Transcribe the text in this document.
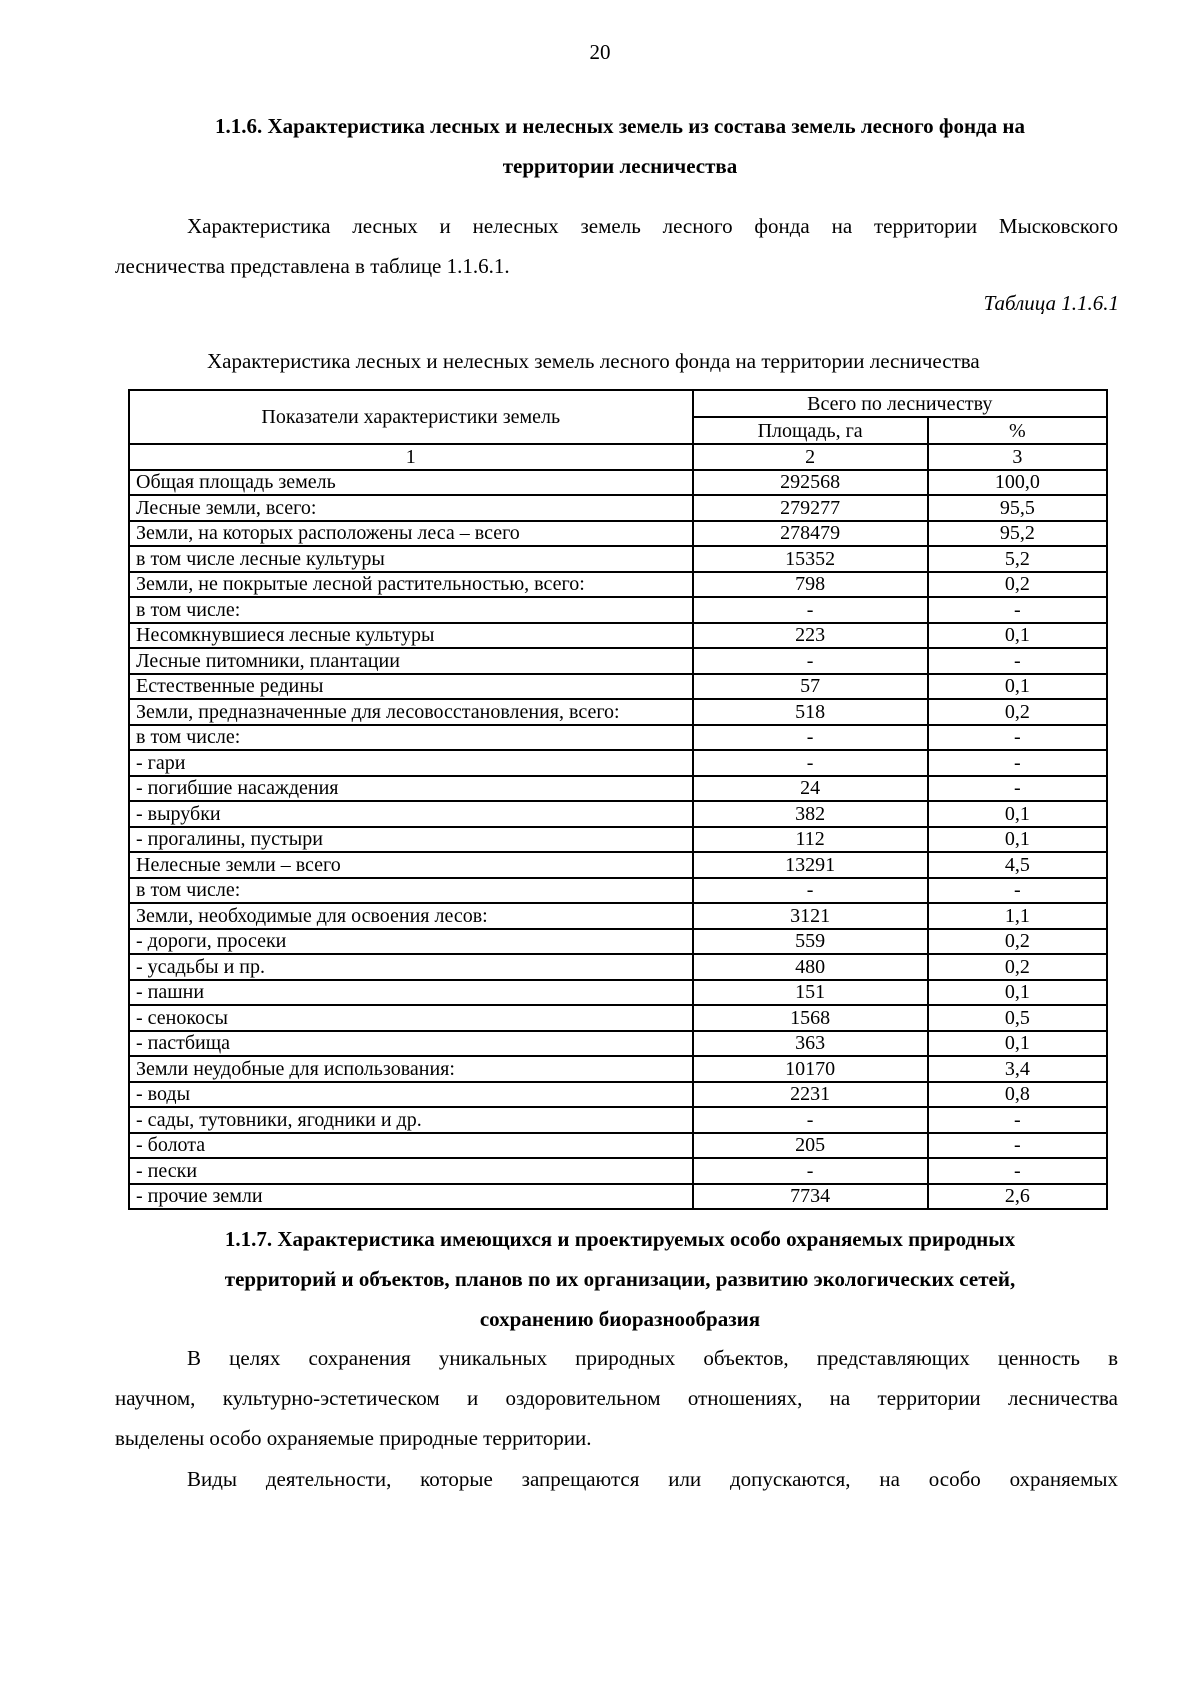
20
1.1.6. Характеристика лесных и нелесных земель из состава земель лесного фонда на
территории лесничества
Характеристика лесных и нелесных земель лесного фонда на территории Мысковского
лесничества представлена в таблице 1.1.6.1.
Таблица 1.1.6.1
Характеристика лесных и нелесных земель лесного фонда на территории лесничества
Показатели характеристики земель	Всего по лесничеству	
	Площадь, га	%
1	2	3
Общая площадь земель	292568	100,0
Лесные земли, всего:	279277	95,5
Земли, на которых расположены леса – всего	278479	95,2
в том числе лесные культуры	15352	5,2
Земли, не покрытые лесной растительностью, всего:	798	0,2
в том числе:	-	-
Несомкнувшиеся лесные культуры	223	0,1
Лесные питомники, плантации	-	-
Естественные редины	57	0,1
Земли, предназначенные для лесовосстановления, всего:	518	0,2
в том числе:	-	-
- гари	-	-
- погибшие насаждения	24	-
- вырубки	382	0,1
- прогалины, пустыри	112	0,1
Нелесные земли – всего	13291	4,5
в том числе:	-	-
Земли, необходимые для освоения лесов:	3121	1,1
- дороги, просеки	559	0,2
- усадьбы и пр.	480	0,2
- пашни	151	0,1
- сенокосы	1568	0,5
- пастбища	363	0,1
Земли неудобные для использования:	10170	3,4
- воды	2231	0,8
- сады, тутовники, ягодники и др.	-	-
- болота	205	-
- пески	-	-
- прочие земли	7734	2,6
1.1.7. Характеристика имеющихся и проектируемых особо охраняемых природных
территорий и объектов, планов по их организации, развитию экологических сетей,
сохранению биоразнообразия
В целях сохранения уникальных природных объектов, представляющих ценность в
научном, культурно-эстетическом и оздоровительном отношениях, на территории лесничества
выделены особо охраняемые природные территории.
Виды деятельности, которые запрещаются или допускаются, на особо охраняемых
